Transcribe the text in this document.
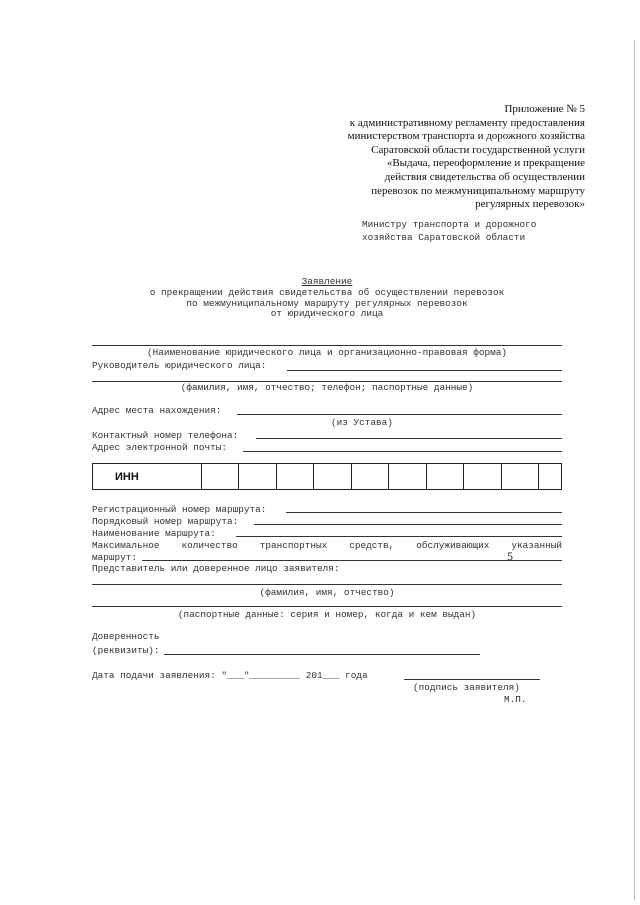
Приложение № 5
к административному регламенту предоставления
министерством транспорта и дорожного хозяйства
Саратовской области государственной услуги
«Выдача, переоформление и прекращение
действия свидетельства об осуществлении
перевозок по межмуниципальному маршруту
регулярных перевозок»
Министру транспорта и дорожного
хозяйства Саратовской области
Заявление
о прекращении действия свидетельства об осуществлении перевозок
по межмуниципальному маршруту регулярных перевозок
от юридического лица
(Наименование юридического лица и организационно-правовая форма)
Руководитель юридического лица:
(фамилия, имя, отчество; телефон; паспортные данные)
Адрес места нахождения:
(из Устава)
Контактный номер телефона:
Адрес электронной почты:
ИНН
Регистрационный номер маршрута:
Порядковый номер маршрута:
Наименование маршрута:
Максимальное количество транспортных средств, обслуживающих указанный
маршрут:	5
Представитель или доверенное лицо заявителя:
(фамилия, имя, отчество)
(паспортные данные: серия и номер, когда и кем выдан)
Доверенность
(реквизиты):
Дата подачи заявления: "___"_________ 201___ года
(подпись заявителя)
М.П.
